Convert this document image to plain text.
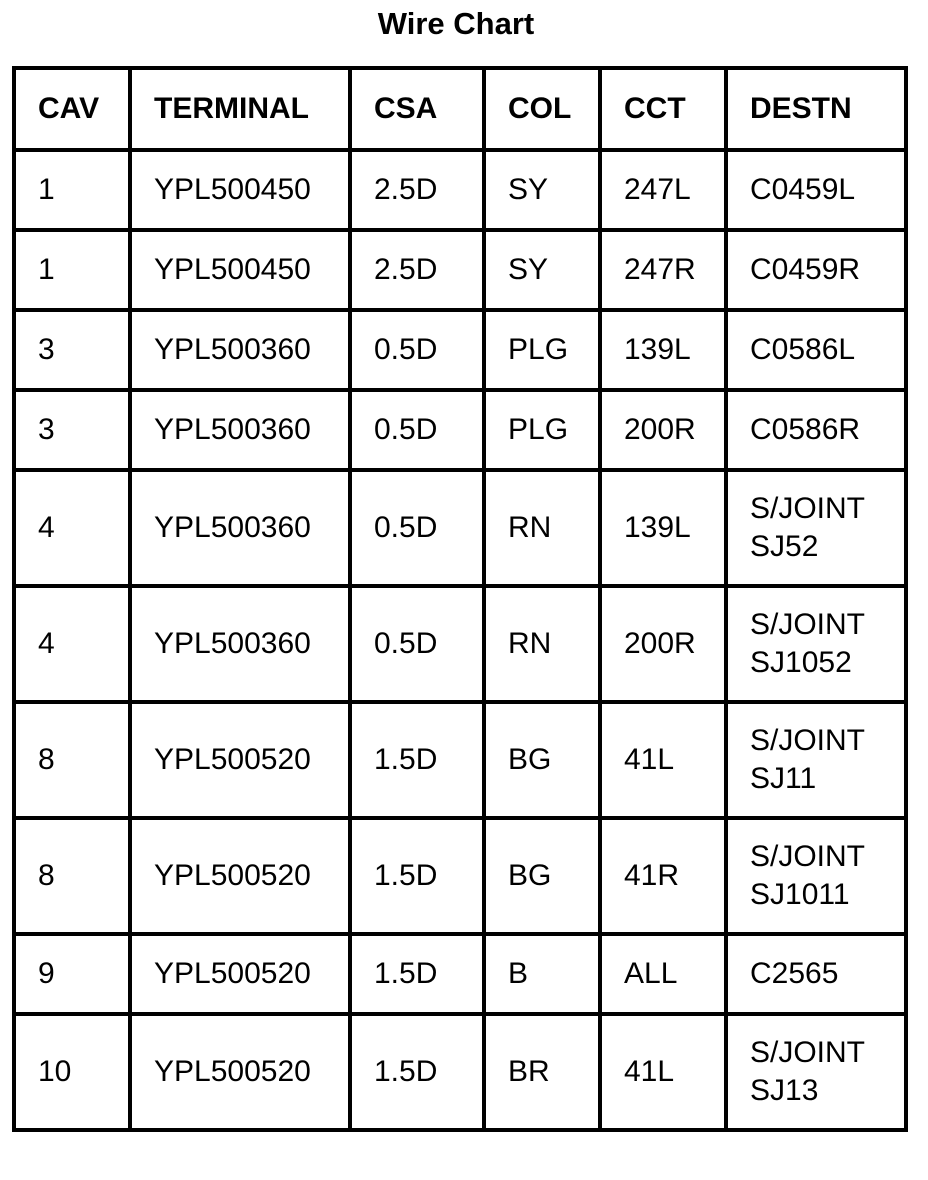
Wire Chart
CAV	TERMINAL	CSA	COL	CCT	DESTN
1	YPL500450	2.5D	SY	247L	C0459L

1	YPL500450	2.5D	SY	247R	C0459R

3	YPL500360	0.5D	PLG	139L	C0586L

3	YPL500360	0.5D	PLG	200R	C0586R

4	YPL500360	0.5D	RN	139L	S/JOINT
SJ52

4	YPL500360	0.5D	RN	200R	S/JOINT
SJ1052

8	YPL500520	1.5D	BG	41L	S/JOINT
SJ11

8	YPL500520	1.5D	BG	41R	S/JOINT
SJ1011

9	YPL500520	1.5D	B	ALL	C2565

10	YPL500520	1.5D	BR	41L	S/JOINT
SJ13
